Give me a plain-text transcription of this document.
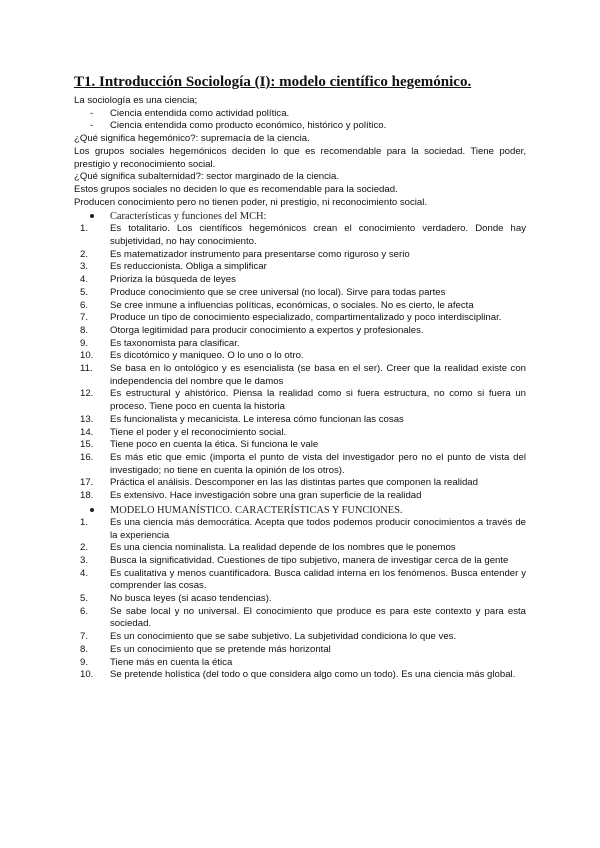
T1. Introducción Sociología (I): modelo científico hegemónico.

La sociología es una ciencia;

- Ciencia entendida como actividad política.
- Ciencia entendida como producto económico, histórico y político.

¿Qué significa hegemónico?: supremacía de la ciencia.

Los grupos sociales hegemónicos deciden lo que es recomendable para la sociedad. Tiene poder, prestigio y reconocimiento social.

¿Qué significa subalternidad?: sector marginado de la ciencia.

Estos grupos sociales no deciden lo que es recomendable para la sociedad.

Producen conocimiento pero no tienen poder, ni prestigio, ni reconocimiento social.

Características y funciones del MCH:
1.	Es totalitario. Los científicos hegemónicos crean el conocimiento verdadero. Donde hay subjetividad, no hay conocimiento.
2.	Es matematizador instrumento para presentarse como riguroso y serio
3.	Es reduccionista. Obliga a simplificar
4.	Prioriza la búsqueda de leyes
5.	Produce conocimiento que se cree universal (no local). Sirve para todas partes
6.	Se cree inmune a influencias políticas, económicas, o sociales. No es cierto, le afecta
7.	Produce un tipo de conocimiento especializado, compartimentalizado y poco interdisciplinar.
8.	Otorga legitimidad para producir conocimiento a expertos y profesionales.
9.	Es taxonomista para clasificar.
10.	Es dicotómico y maniqueo. O lo uno o lo otro.
11.	Se basa en lo ontológico y es esencialista (se basa en el ser). Creer que la realidad existe con independencia del nombre que le damos
12.	Es estructural y ahistórico. Piensa la realidad como si fuera estructura, no como si fuera un proceso. Tiene poco en cuenta la historia
13.	Es funcionalista y mecanicista. Le interesa cómo funcionan las cosas
14.	Tiene el poder y el reconocimiento social.
15.	Tiene poco en cuenta la ética. Si funciona le vale
16.	Es más etic que emic (importa el punto de vista del investigador pero no el punto de vista del investigado; no tiene en cuenta la opinión de los otros).
17.	Práctica el análisis. Descomponer en las las distintas partes que componen la realidad
18.	Es extensivo. Hace investigación sobre una gran superficie de la realidad
MODELO HUMANÍSTICO. CARACTERÍSTICAS Y FUNCIONES.
1.	Es una ciencia más democrática. Acepta que todos podemos producir conocimientos a través de la experiencia
2.	Es una ciencia nominalista. La realidad depende de los nombres que le ponemos
3.	Busca la significatividad. Cuestiones de tipo subjetivo, manera de investigar cerca de la gente
4.	Es cualitativa y menos cuantificadora. Busca calidad interna en los fenómenos. Busca entender y comprender las cosas.
5.	No busca leyes (si acaso tendencias).
6.	Se sabe local y no universal. El conocimiento que produce es para este contexto y para esta sociedad.
7.	Es un conocimiento que se sabe subjetivo. La subjetividad condiciona lo que ves.
8.	Es un conocimiento que se pretende más horizontal
9.	Tiene más en cuenta la ética
10.	Se pretende holística (del todo o que considera algo como un todo). Es una ciencia más global.
